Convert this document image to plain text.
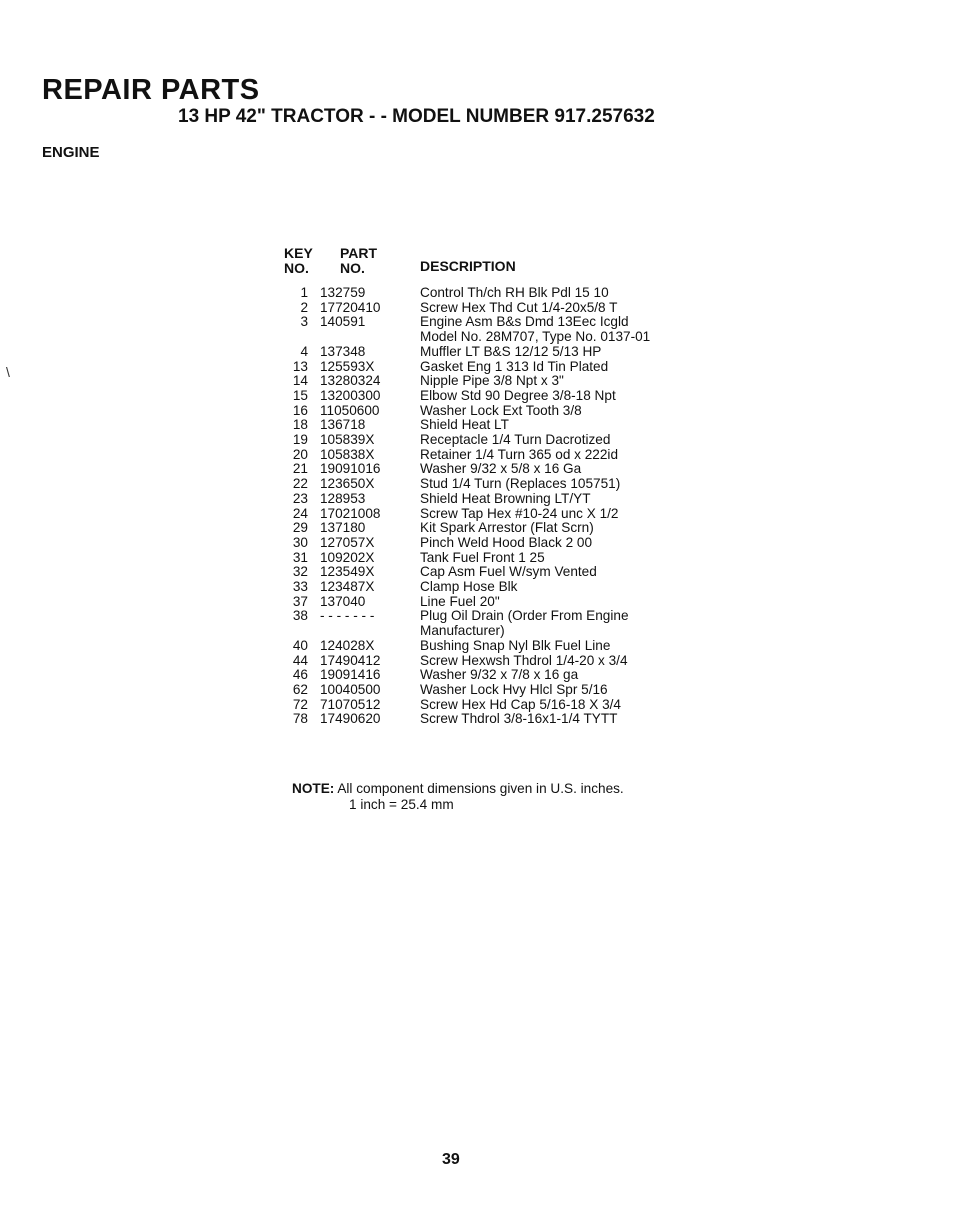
REPAIR PARTS
13 HP 42" TRACTOR - - MODEL NUMBER 917.257632
ENGINE
\
KEY PART
NO. NO.	DESCRIPTION
1 132759	Control Th/ch RH Blk Pdl 15 10
2 17720410	Screw Hex Thd Cut 1/4-20x5/8 T
3 140591	Engine Asm B&s Dmd 13Eec Icgld
Model No. 28M707, Type No. 0137-01
4 137348	Muffler LT B&S 12/12 5/13 HP
13 125593X	Gasket Eng 1 313 Id Tin Plated
14 13280324	Nipple Pipe 3/8 Npt x 3"
15 13200300	Elbow Std 90 Degree 3/8-18 Npt
16 11050600	Washer Lock Ext Tooth 3/8
18 136718	Shield Heat LT
19 105839X	Receptacle 1/4 Turn Dacrotized
20 105838X	Retainer 1/4 Turn 365 od x 222id
21 19091016	Washer 9/32 x 5/8 x 16 Ga
22 123650X	Stud 1/4 Turn (Replaces 105751)
23 128953	Shield Heat Browning LT/YT
24 17021008	Screw Tap Hex #10-24 unc X 1/2
29 137180	Kit Spark Arrestor (Flat Scrn)
30 127057X	Pinch Weld Hood Black 2 00
31 109202X	Tank Fuel Front 1 25
32 123549X	Cap Asm Fuel W/sym Vented
33 123487X	Clamp Hose Blk
37 137040	Line Fuel 20"
38 - - - - - - -	Plug Oil Drain (Order From Engine
Manufacturer)
40 124028X	Bushing Snap Nyl Blk Fuel Line
44 17490412	Screw Hexwsh Thdrol 1/4-20 x 3/4
46 19091416	Washer 9/32 x 7/8 x 16 ga
62 10040500	Washer Lock Hvy Hlcl Spr 5/16
72 71070512	Screw Hex Hd Cap 5/16-18 X 3/4
78 17490620	Screw Thdrol 3/8-16x1-1/4 TYTT
NOTE: All component dimensions given in U.S. inches.
1 inch = 25.4 mm
39
